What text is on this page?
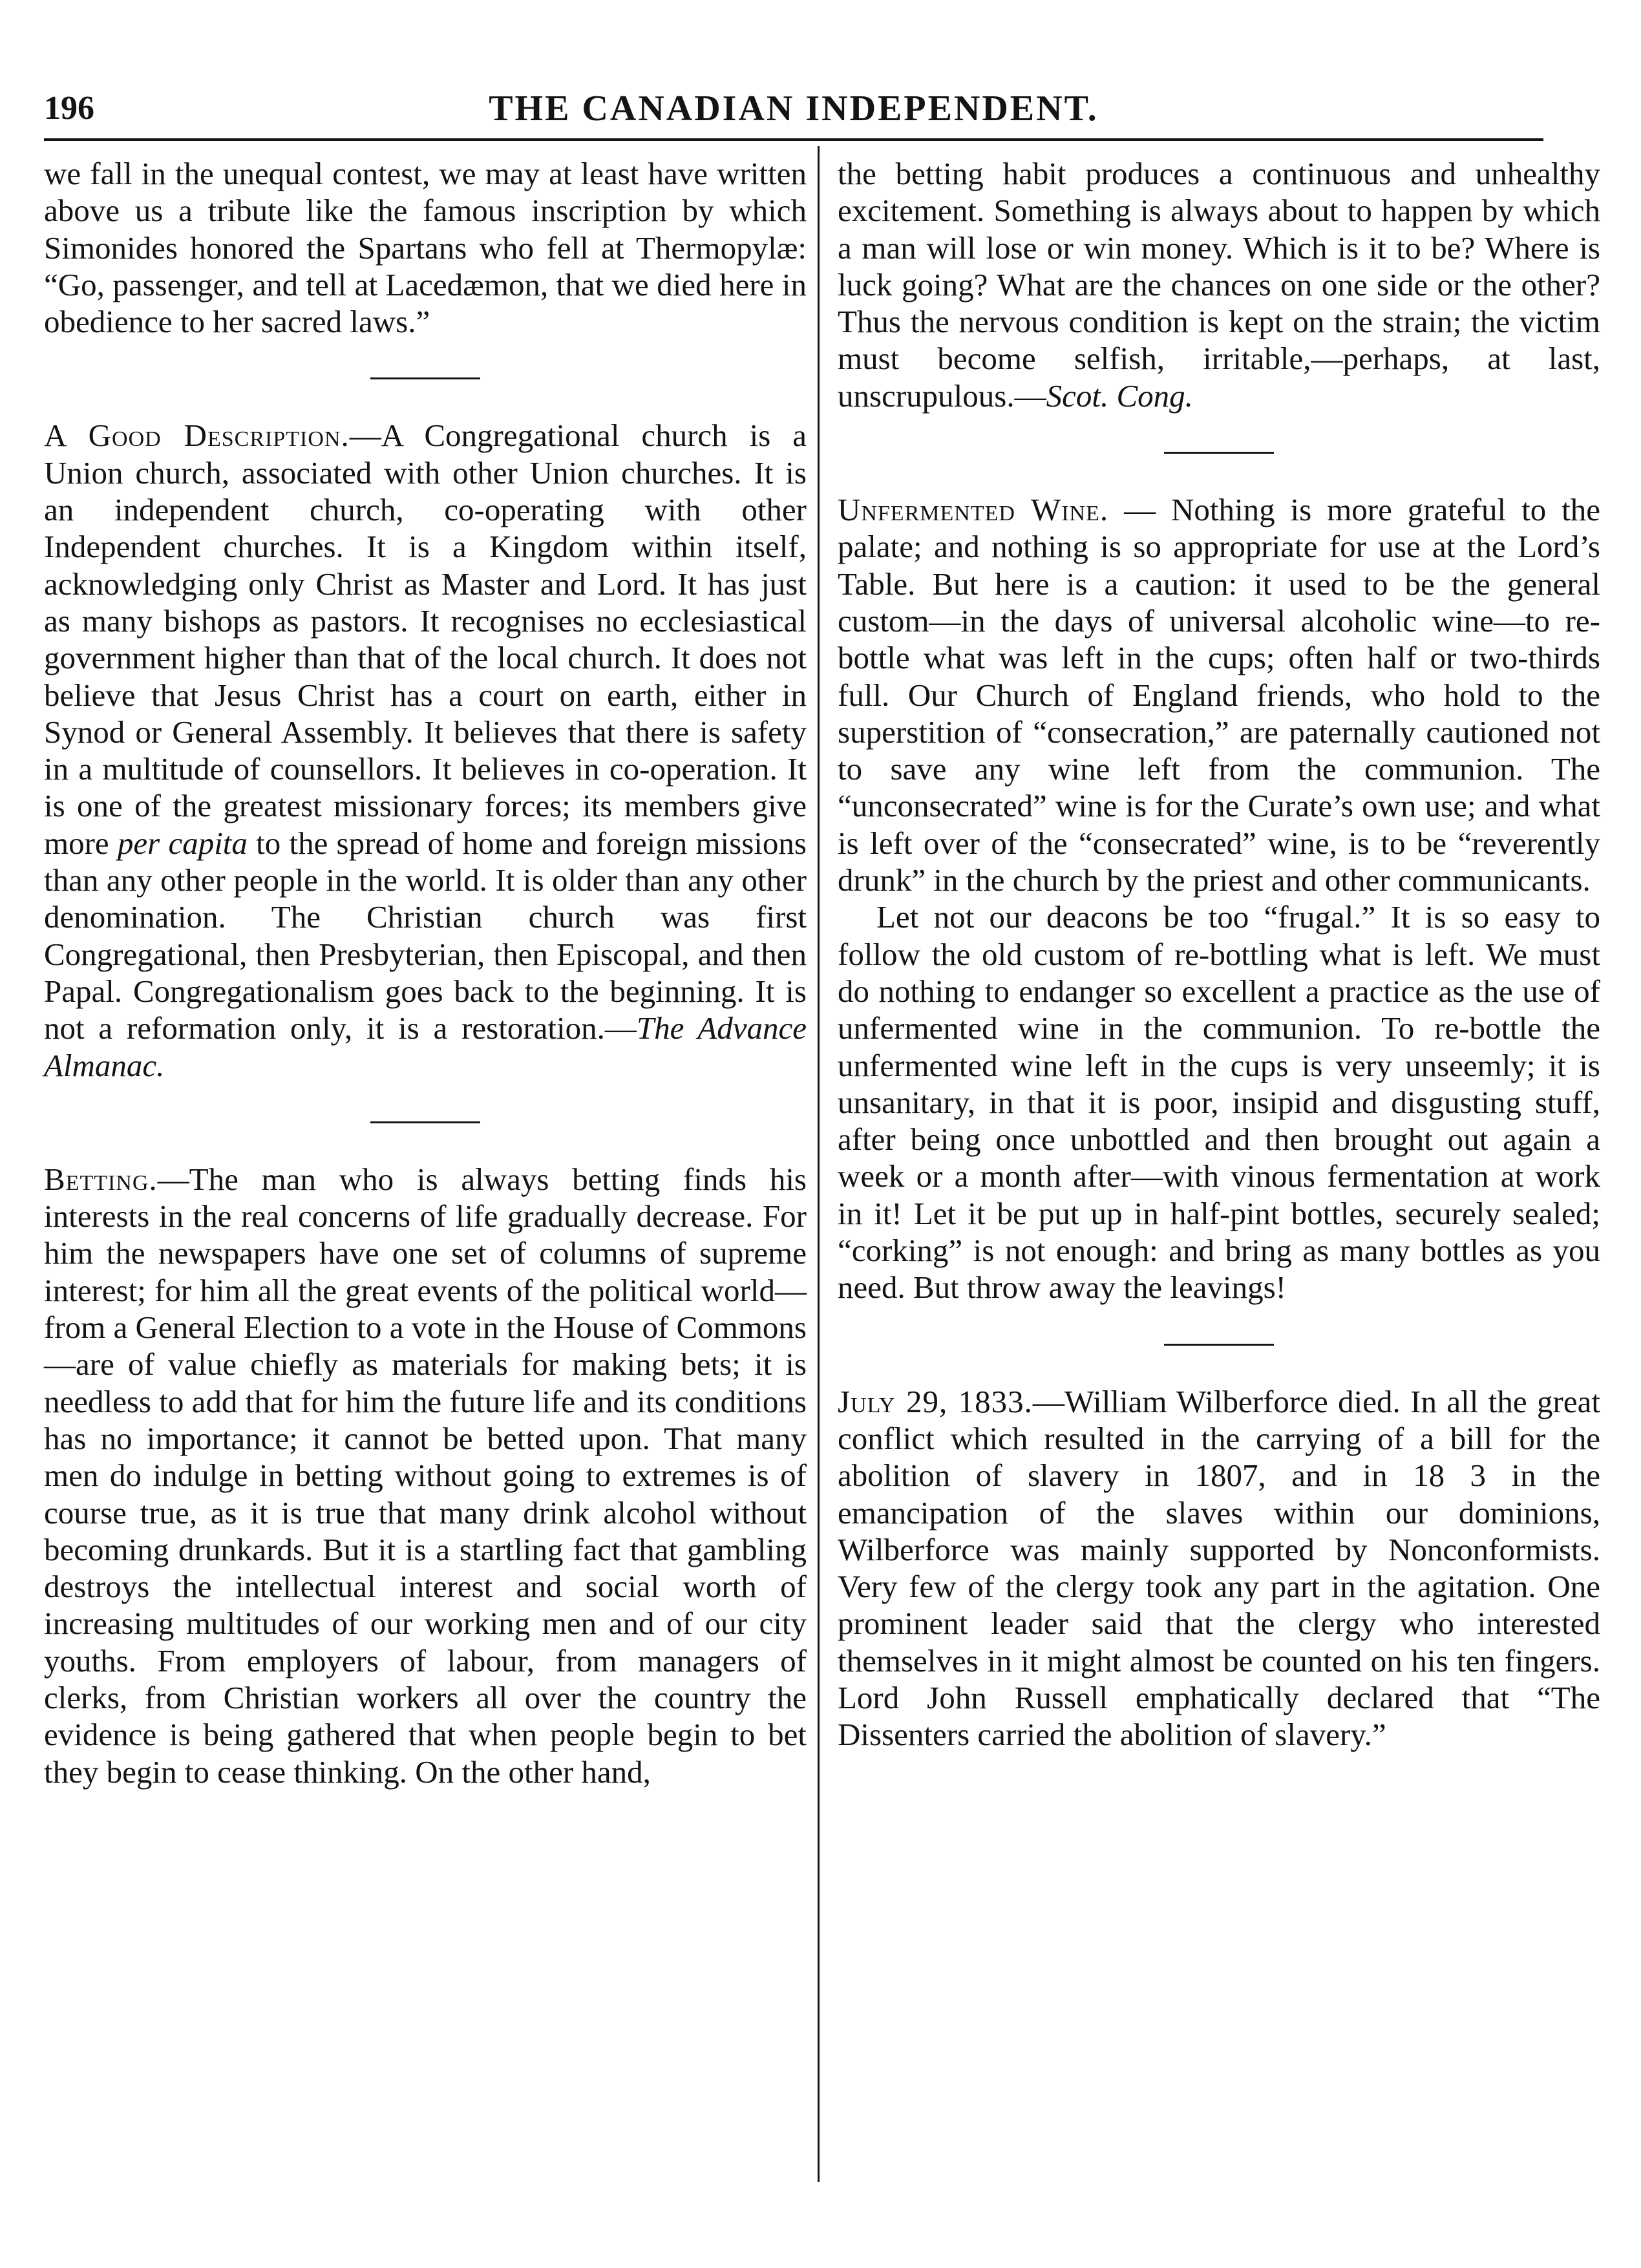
196	THE CANADIAN INDEPENDENT.

we fall in the unequal contest, we may at least have written above us a tribute like the famous inscription by which Simonides honored the Spartans who fell at Thermopylæ: “Go, passenger, and tell at Lacedæmon, that we died here in obedience to her sacred laws.”

A Good Description.—A Congregational church is a Union church, associated with other Union churches. It is an independent church, co-operating with other Independent churches. It is a Kingdom within itself, acknowledging only Christ as Master and Lord. It has just as many bishops as pastors. It recognises no ecclesiastical government higher than that of the local church. It does not believe that Jesus Christ has a court on earth, either in Synod or General Assembly. It believes that there is safety in a multitude of counsellors. It believes in co-operation. It is one of the greatest missionary forces; its members give more per capita to the spread of home and foreign missions than any other people in the world. It is older than any other denomination. The Christian church was first Congregational, then Presbyterian, then Episcopal, and then Papal. Congregationalism goes back to the beginning. It is not a reformation only, it is a restoration.—The Advance Almanac.

Betting.—The man who is always betting finds his interests in the real concerns of life gradually decrease. For him the newspapers have one set of columns of supreme interest; for him all the great events of the political world—from a General Election to a vote in the House of Commons—are of value chiefly as materials for making bets; it is needless to add that for him the future life and its conditions has no importance; it cannot be betted upon. That many men do indulge in betting without going to extremes is of course true, as it is true that many drink alcohol without becoming drunkards. But it is a startling fact that gambling destroys the intellectual interest and social worth of increasing multitudes of our working men and of our city youths. From employers of labour, from managers of clerks, from Christian workers all over the country the evidence is being gathered that when people begin to bet they begin to cease thinking. On the other hand,

the betting habit produces a continuous and unhealthy excitement. Something is always about to happen by which a man will lose or win money. Which is it to be? Where is luck going? What are the chances on one side or the other? Thus the nervous condition is kept on the strain; the victim must become selfish, irritable,—perhaps, at last, unscrupulous.—Scot. Cong.

Unfermented Wine. — Nothing is more grateful to the palate; and nothing is so appropriate for use at the Lord’s Table. But here is a caution: it used to be the general custom—in the days of universal alcoholic wine—to re-bottle what was left in the cups; often half or two-thirds full. Our Church of England friends, who hold to the superstition of “consecration,” are paternally cautioned not to save any wine left from the communion. The “unconsecrated” wine is for the Curate’s own use; and what is left over of the “consecrated” wine, is to be “reverently drunk” in the church by the priest and other communicants.

Let not our deacons be too “frugal.” It is so easy to follow the old custom of re-bottling what is left. We must do nothing to endanger so excellent a practice as the use of unfermented wine in the communion. To re-bottle the unfermented wine left in the cups is very unseemly; it is unsanitary, in that it is poor, insipid and disgusting stuff, after being once unbottled and then brought out again a week or a month after—with vinous fermentation at work in it! Let it be put up in half-pint bottles, securely sealed; “corking” is not enough: and bring as many bottles as you need. But throw away the leavings!

July 29, 1833.—William Wilberforce died. In all the great conflict which resulted in the carrying of a bill for the abolition of slavery in 1807, and in 18 3 in the emancipation of the slaves within our dominions, Wilberforce was mainly supported by Nonconformists. Very few of the clergy took any part in the agitation. One prominent leader said that the clergy who interested themselves in it might almost be counted on his ten fingers. Lord John Russell emphatically declared that “The Dissenters carried the abolition of slavery.”
